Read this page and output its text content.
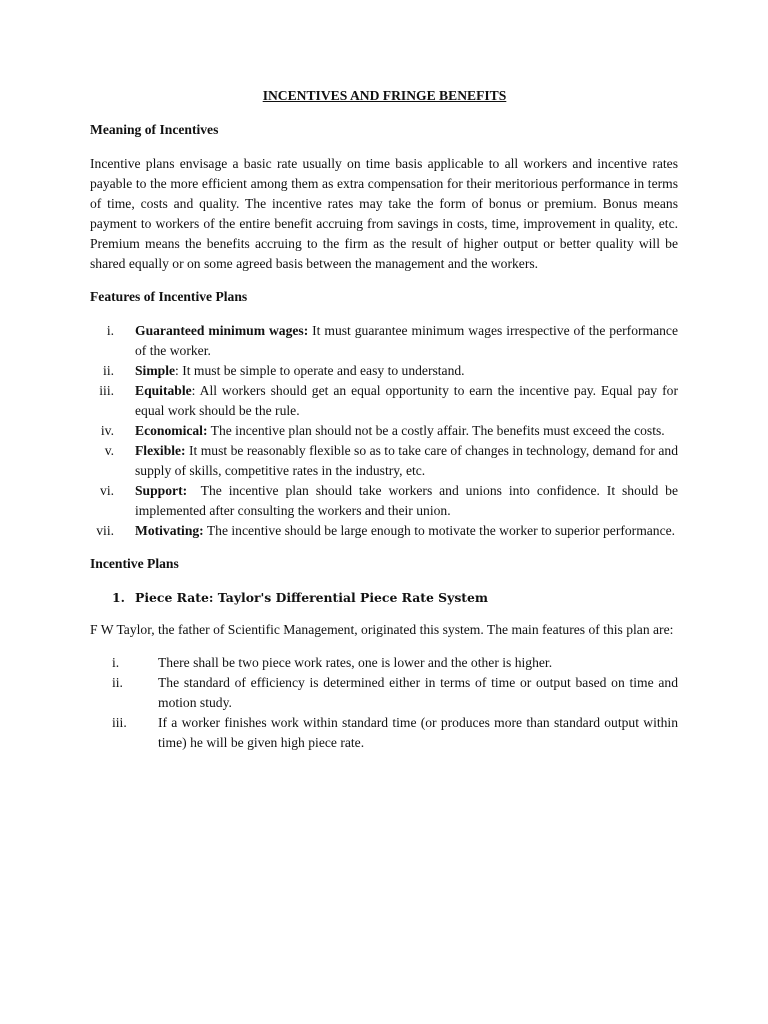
INCENTIVES AND FRINGE BENEFITS
Meaning of Incentives

Incentive plans envisage a basic rate usually on time basis applicable to all workers and incentive rates payable to the more efficient among them as extra compensation for their meritorious performance in terms of time, costs and quality. The incentive rates may take the form of bonus or premium. Bonus means payment to workers of the entire benefit accruing from savings in costs, time, improvement in quality, etc. Premium means the benefits accruing to the firm as the result of higher output or better quality will be shared equally or on some agreed basis between the management and the workers.

Features of Incentive Plans
i. Guaranteed minimum wages: It must guarantee minimum wages irrespective of the performance of the worker.
ii. Simple: It must be simple to operate and easy to understand.
iii. Equitable: All workers should get an equal opportunity to earn the incentive pay. Equal pay for equal work should be the rule.
iv. Economical: The incentive plan should not be a costly affair. The benefits must exceed the costs.
v. Flexible: It must be reasonably flexible so as to take care of changes in technology, demand for and supply of skills, competitive rates in the industry, etc.
vi. Support:  The incentive plan should take workers and unions into confidence. It should be implemented after consulting the workers and their union.
vii. Motivating: The incentive should be large enough to motivate the worker to superior performance.
Incentive Plans
1. Piece Rate: Taylor's Differential Piece Rate System

F W Taylor, the father of Scientific Management, originated this system. The main features of this plan are:

i.	There shall be two piece work rates, one is lower and the other is higher.
ii.	The standard of efficiency is determined either in terms of time or output based on time and motion study.
iii. If a worker finishes work within standard time (or produces more than standard output within time) he will be given high piece rate.
